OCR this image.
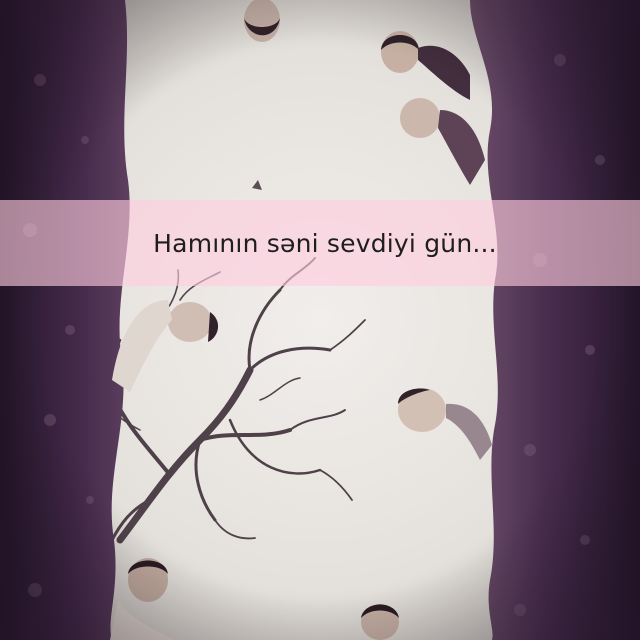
Hamının səni sevdiyi gün...
